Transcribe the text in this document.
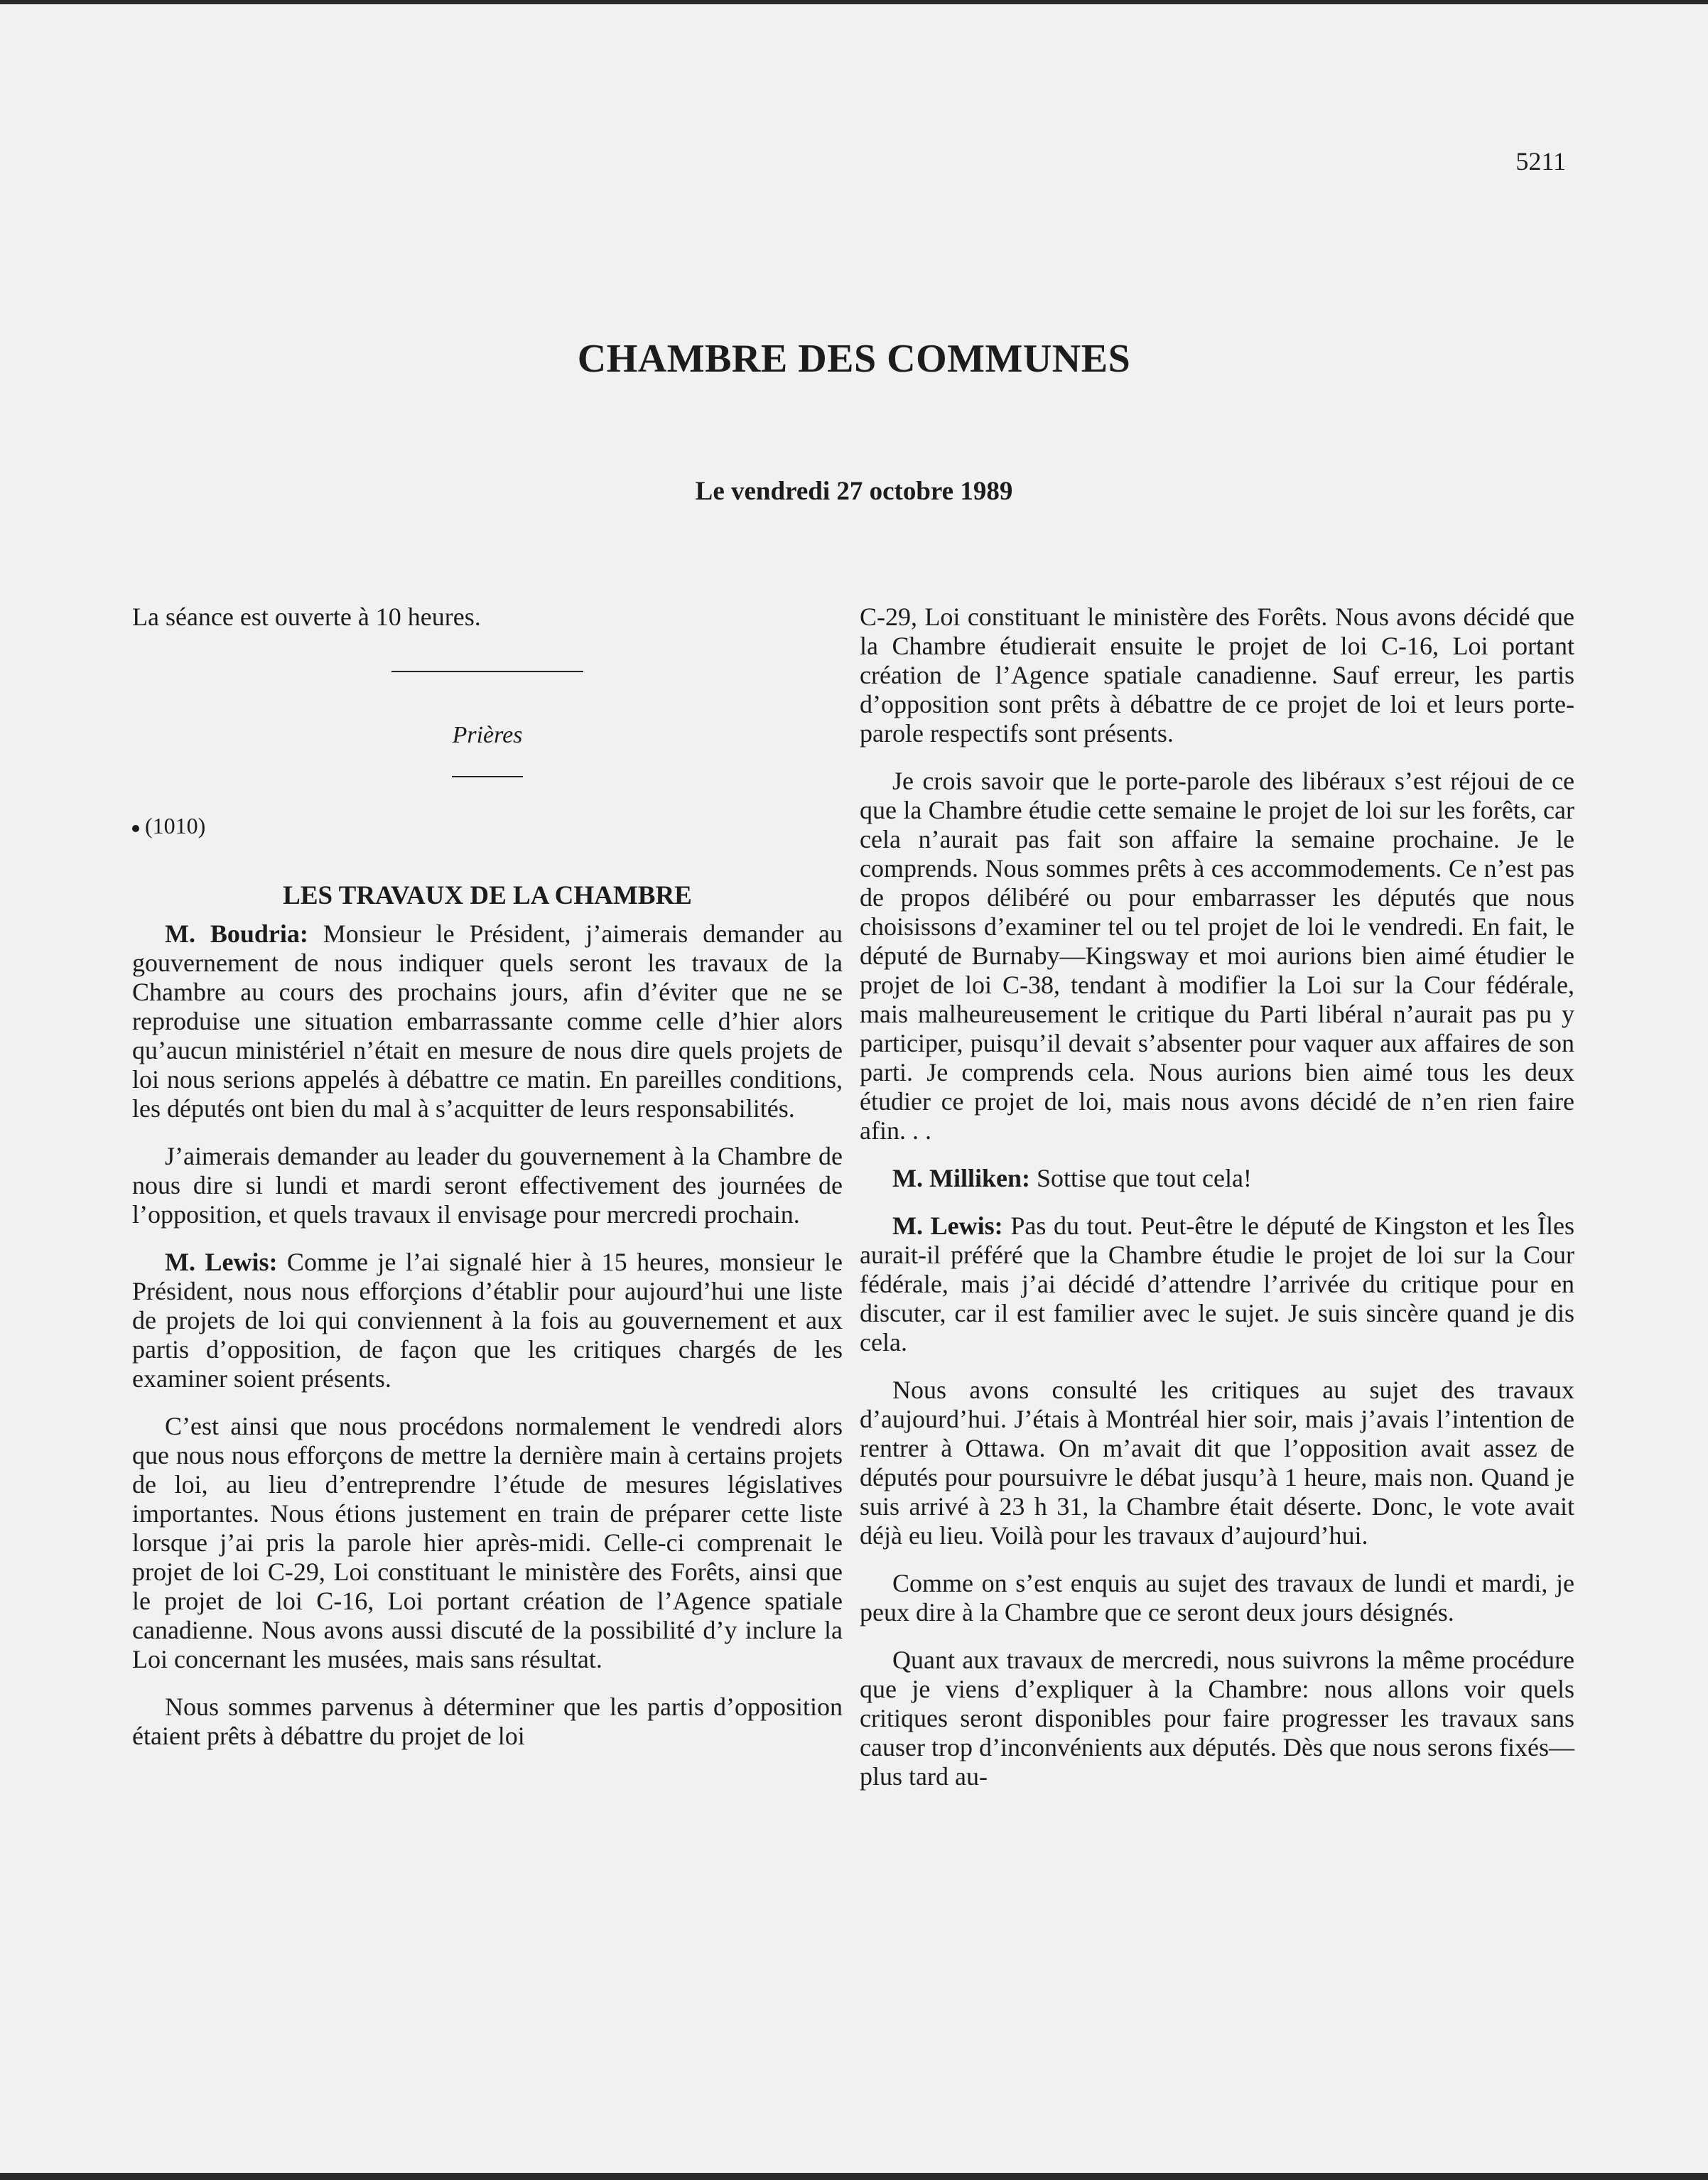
5211
CHAMBRE DES COMMUNES
Le vendredi 27 octobre 1989

La séance est ouverte à 10 heures.

Prières
(1010)
LES TRAVAUX DE LA CHAMBRE

M. Boudria: Monsieur le Président, j’aimerais demander au gouvernement de nous indiquer quels seront les travaux de la Chambre au cours des prochains jours, afin d’éviter que ne se reproduise une situation embarrassante comme celle d’hier alors qu’aucun ministériel n’était en mesure de nous dire quels projets de loi nous serions appelés à débattre ce matin. En pareilles conditions, les députés ont bien du mal à s’acquitter de leurs responsabilités.

J’aimerais demander au leader du gouvernement à la Chambre de nous dire si lundi et mardi seront effectivement des journées de l’opposition, et quels travaux il envisage pour mercredi prochain.

M. Lewis: Comme je l’ai signalé hier à 15 heures, monsieur le Président, nous nous efforçions d’établir pour aujourd’hui une liste de projets de loi qui conviennent à la fois au gouvernement et aux partis d’opposition, de façon que les critiques chargés de les examiner soient présents.

C’est ainsi que nous procédons normalement le vendredi alors que nous nous efforçons de mettre la dernière main à certains projets de loi, au lieu d’entreprendre l’étude de mesures législatives importantes. Nous étions justement en train de préparer cette liste lorsque j’ai pris la parole hier après-midi. Celle-ci comprenait le projet de loi C-29, Loi constituant le ministère des Forêts, ainsi que le projet de loi C-16, Loi portant création de l’Agence spatiale canadienne. Nous avons aussi discuté de la possibilité d’y inclure la Loi concernant les musées, mais sans résultat.

Nous sommes parvenus à déterminer que les partis d’opposition étaient prêts à débattre du projet de loi

C-29, Loi constituant le ministère des Forêts. Nous avons décidé que la Chambre étudierait ensuite le projet de loi C-16, Loi portant création de l’Agence spatiale canadienne. Sauf erreur, les partis d’opposition sont prêts à débattre de ce projet de loi et leurs porte-parole respectifs sont présents.

Je crois savoir que le porte-parole des libéraux s’est réjoui de ce que la Chambre étudie cette semaine le projet de loi sur les forêts, car cela n’aurait pas fait son affaire la semaine prochaine. Je le comprends. Nous sommes prêts à ces accommodements. Ce n’est pas de propos délibéré ou pour embarrasser les députés que nous choisissons d’examiner tel ou tel projet de loi le vendredi. En fait, le député de Burnaby—Kingsway et moi aurions bien aimé étudier le projet de loi C-38, tendant à modifier la Loi sur la Cour fédérale, mais malheureusement le critique du Parti libéral n’aurait pas pu y participer, puisqu’il devait s’absenter pour vaquer aux affaires de son parti. Je comprends cela. Nous aurions bien aimé tous les deux étudier ce projet de loi, mais nous avons décidé de n’en rien faire afin. . .

M. Milliken: Sottise que tout cela!

M. Lewis: Pas du tout. Peut-être le député de Kingston et les Îles aurait-il préféré que la Chambre étudie le projet de loi sur la Cour fédérale, mais j’ai décidé d’attendre l’arrivée du critique pour en discuter, car il est familier avec le sujet. Je suis sincère quand je dis cela.

Nous avons consulté les critiques au sujet des travaux d’aujourd’hui. J’étais à Montréal hier soir, mais j’avais l’intention de rentrer à Ottawa. On m’avait dit que l’opposition avait assez de députés pour poursuivre le débat jusqu’à 1 heure, mais non. Quand je suis arrivé à 23 h 31, la Chambre était déserte. Donc, le vote avait déjà eu lieu. Voilà pour les travaux d’aujourd’hui.

Comme on s’est enquis au sujet des travaux de lundi et mardi, je peux dire à la Chambre que ce seront deux jours désignés.

Quant aux travaux de mercredi, nous suivrons la même procédure que je viens d’expliquer à la Chambre: nous allons voir quels critiques seront disponibles pour faire progresser les travaux sans causer trop d’inconvénients aux députés. Dès que nous serons fixés—plus tard au-
